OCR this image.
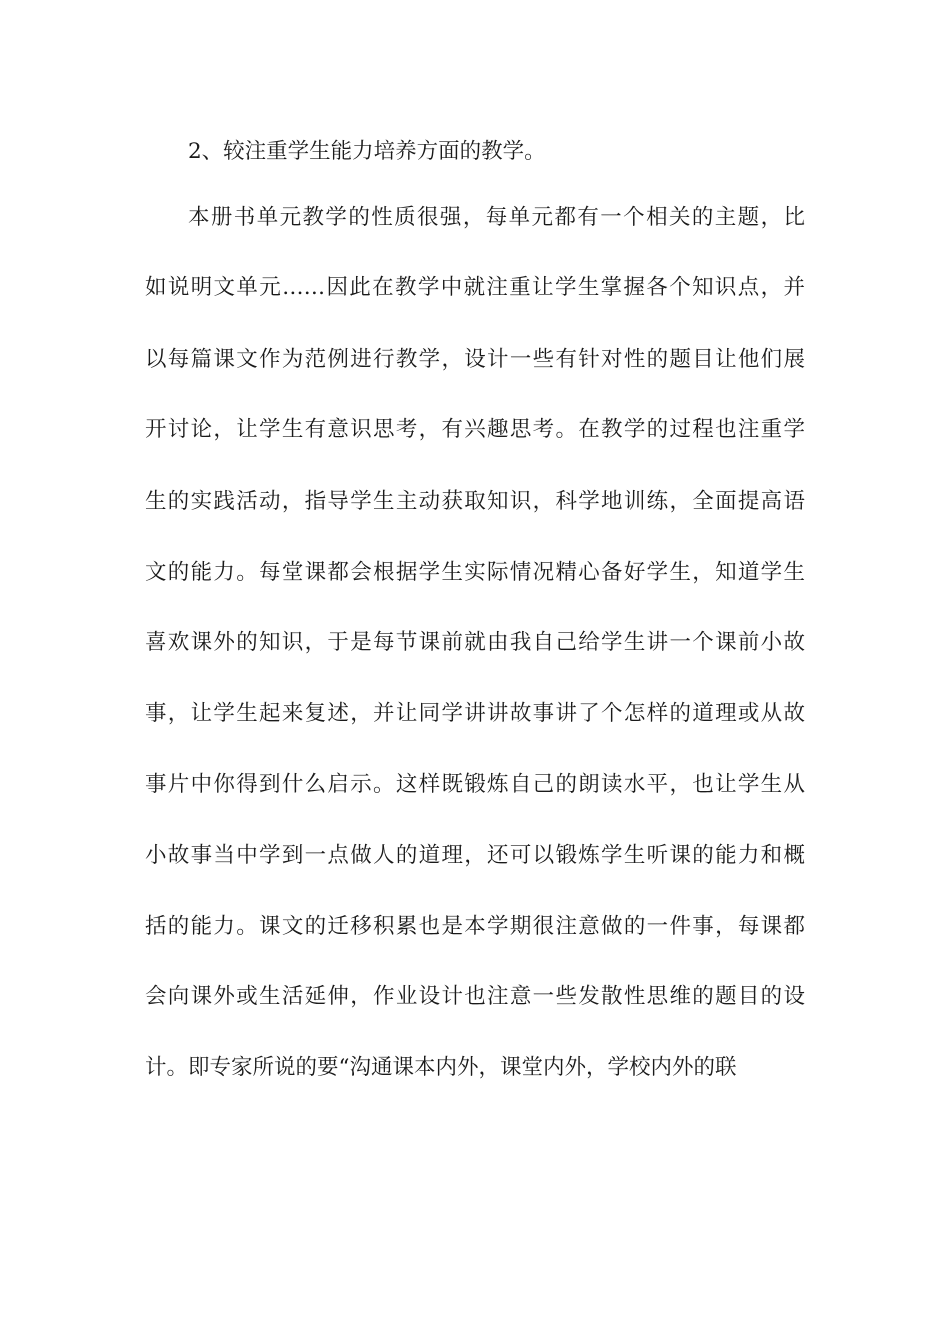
2、较注重学生能力培养方面的教学。
本册书单元教学的性质很强，每单元都有一个相关的主题，比
如说明文单元……因此在教学中就注重让学生掌握各个知识点，并
以每篇课文作为范例进行教学，设计一些有针对性的题目让他们展
开讨论，让学生有意识思考，有兴趣思考。在教学的过程也注重学
生的实践活动，指导学生主动获取知识，科学地训练，全面提高语
文的能力。每堂课都会根据学生实际情况精心备好学生，知道学生
喜欢课外的知识，于是每节课前就由我自己给学生讲一个课前小故
事，让学生起来复述，并让同学讲讲故事讲了个怎样的道理或从故
事片中你得到什么启示。这样既锻炼自己的朗读水平，也让学生从
小故事当中学到一点做人的道理，还可以锻炼学生听课的能力和概
括的能力。课文的迁移积累也是本学期很注意做的一件事，每课都
会向课外或生活延伸，作业设计也注意一些发散性思维的题目的设
计。即专家所说的要“沟通课本内外，课堂内外，学校内外的联
